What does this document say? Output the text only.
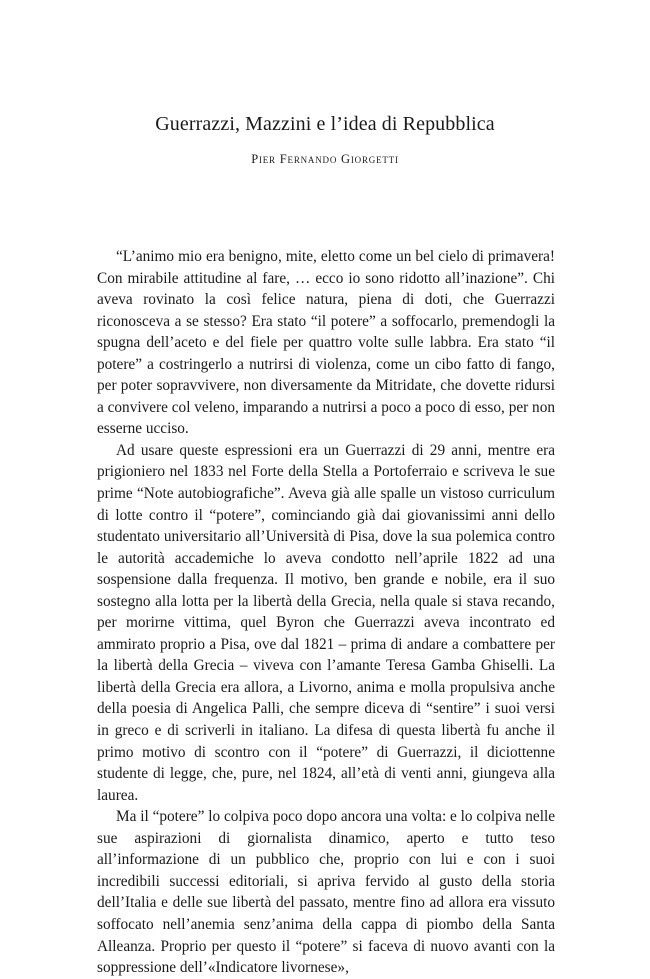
Guerrazzi, Mazzini e l’idea di Repubblica
Pier Fernando Giorgetti

“L’animo mio era benigno, mite, eletto come un bel cielo di primavera! Con mirabile attitudine al fare, … ecco io sono ridotto all’inazione”. Chi aveva rovinato la così felice natura, piena di doti, che Guerrazzi riconosceva a se stesso? Era stato “il potere” a soffocarlo, premendogli la spugna dell’aceto e del fiele per quattro volte sulle labbra. Era stato “il potere” a costringerlo a nutrirsi di violenza, come un cibo fatto di fango, per poter sopravvivere, non diversamente da Mitridate, che dovette ridursi a convivere col veleno, imparando a nutrirsi a poco a poco di esso, per non esserne ucciso.

Ad usare queste espressioni era un Guerrazzi di 29 anni, mentre era prigioniero nel 1833 nel Forte della Stella a Portoferraio e scriveva le sue prime “Note autobiografiche”. Aveva già alle spalle un vistoso curriculum di lotte contro il “potere”, cominciando già dai giovanissimi anni dello studentato universitario all’Università di Pisa, dove la sua polemica contro le autorità accademiche lo aveva condotto nell’aprile 1822 ad una sospensione dalla frequenza. Il motivo, ben grande e nobile, era il suo sostegno alla lotta per la libertà della Grecia, nella quale si stava recando, per morirne vittima, quel Byron che Guerrazzi aveva incontrato ed ammirato proprio a Pisa, ove dal 1821 – prima di andare a combattere per la libertà della Grecia – viveva con l’amante Teresa Gamba Ghiselli. La libertà della Grecia era allora, a Livorno, anima e molla propulsiva anche della poesia di Angelica Palli, che sempre diceva di “sentire” i suoi versi in greco e di scriverli in italiano. La difesa di questa libertà fu anche il primo motivo di scontro con il “potere” di Guerrazzi, il diciottenne studente di legge, che, pure, nel 1824, all’età di venti anni, giungeva alla laurea.

Ma il “potere” lo colpiva poco dopo ancora una volta: e lo colpiva nelle sue aspirazioni di giornalista dinamico, aperto e tutto teso all’informazione di un pubblico che, proprio con lui e con i suoi incredibili successi editoriali, si apriva fervido al gusto della storia dell’Italia e delle sue libertà del passato, mentre fino ad allora era vissuto soffocato nell’anemia senz’anima della cappa di piombo della Santa Alleanza. Proprio per questo il “potere” si faceva di nuovo avanti con la soppressione dell’«Indicatore livornese»,
